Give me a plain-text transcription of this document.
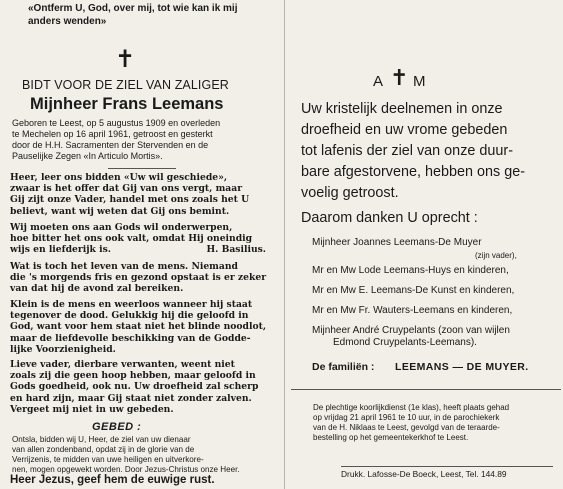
«Ontferm U, God, over mij, tot wie kan ik mij
anders wenden»
✝
BIDT VOOR DE ZIEL VAN ZALIGER
Mijnheer Frans Leemans
Geboren te Leest, op 5 augustus 1909 en overleden
te Mechelen op 16 april 1961, getroost en gesterkt
door de H.H. Sacramenten der Stervenden en de
Pauselijke Zegen «In Articulo Mortis».
Heer, leer ons bidden «Uw wil geschiede»,
zwaar is het offer dat Gij van ons vergt, maar
Gij zijt onze Vader, handel met ons zoals het U
believt, want wij weten dat Gij ons bemint.
Wij moeten ons aan Gods wil onderwerpen,
hoe bitter het ons ook valt, omdat Hij oneindig
wijs en liefderijk is.	H. Basilius.
Wat is toch het leven van de mens. Niemand
die 's morgends fris en gezond opstaat is er zeker
van dat hij de avond zal bereiken.
Klein is de mens en weerloos wanneer hij staat
tegenover de dood. Gelukkig hij die geloofd in
God, want voor hem staat niet het blinde noodlot,
maar de liefdevolle beschikking van de Godde-
lijke Voorzienigheid.
Lieve vader, dierbare verwanten, weent niet
zoals zij die geen hoop hebben, maar geloofd in
Gods goedheid, ook nu. Uw droefheid zal scherp
en hard zijn, maar Gij staat niet zonder zalven.
Vergeet mij niet in uw gebeden.
GEBED :
Ontsla, bidden wij U, Heer, de ziel van uw dienaar
van allen zondenband, opdat zij in de glorie van de
Verrijzenis, te midden van uwe heiligen en uitverkore-
nen, mogen opgewekt worden. Door Jezus-Christus onze Heer.
Heer Jezus, geef hem de euwige rust.
A ✝ M
Uw kristelijk deelnemen in onze
droefheid en uw vrome gebeden
tot lafenis der ziel van onze duur-
bare afgestorvene, hebben ons ge-
voelig getroost.
Daarom danken U oprecht :
Mijnheer Joannes Leemans-De Muyer
(zijn vader),
Mr en Mw Lode Leemans-Huys en kinderen,
Mr en Mw E. Leemans-De Kunst en kinderen,
Mr en Mw Fr. Wauters-Leemans en kinderen,
Mijnheer André Cruypelants (zoon van wijlen
Edmond Cruypelants-Leemans).
De familiën : LEEMANS — DE MUYER.
De plechtige koorlijkdienst (1e klas), heeft plaats gehad
op vrijdag 21 april 1961 te 10 uur, in de parochiekerk
van de H. Niklaas te Leest, gevolgd van de teraarde-
bestelling op het gemeentekerkhof te Leest.
Drukk. Lafosse-De Boeck, Leest, Tel. 144.89
